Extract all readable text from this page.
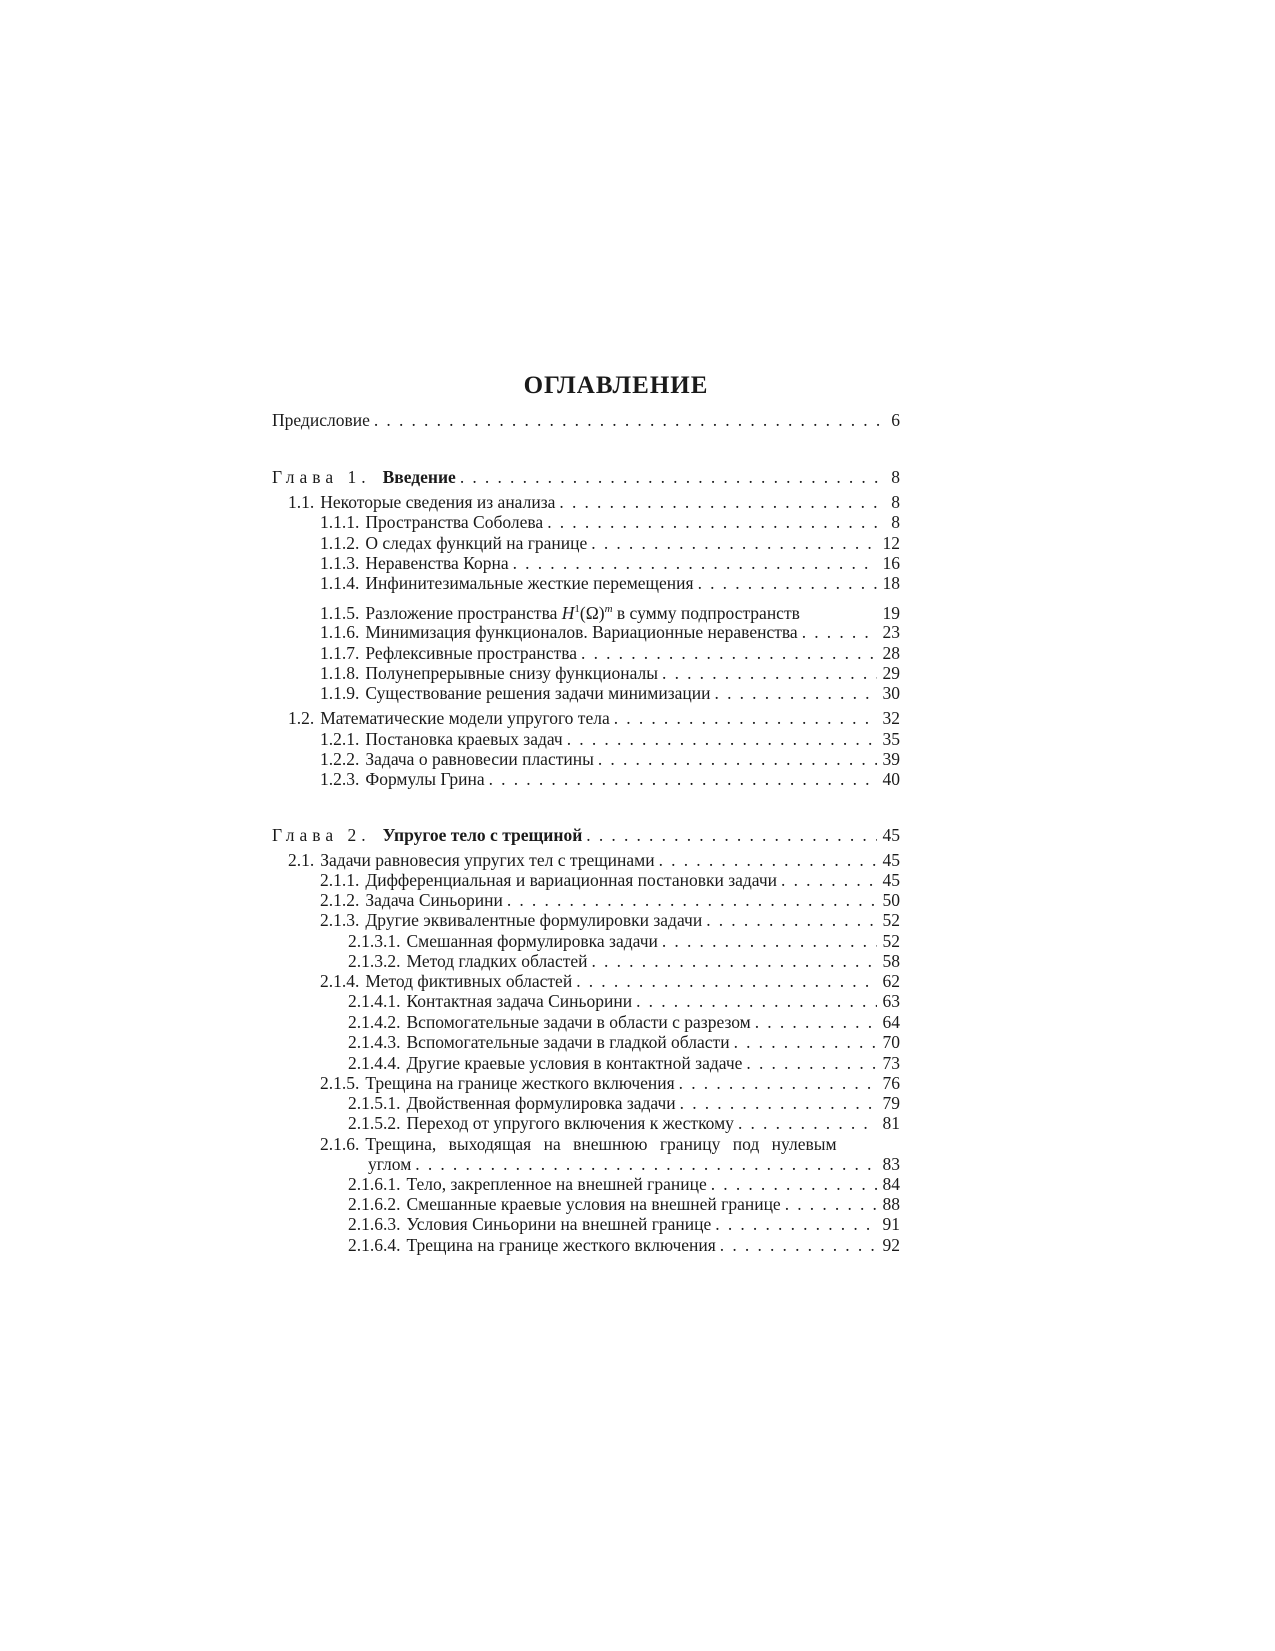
ОГЛАВЛЕНИЕ
Предисловие . . .	6
Глава 1. Введение . . .	8
1.1. Некоторые сведения из анализа . . .	8
1.1.1. Пространства Соболева . . .	8
1.1.2. О следах функций на границе . . .	12
1.1.3. Неравенства Корна . . .	16
1.1.4. Инфинитезимальные жесткие перемещения . . .	18
1.1.5. Разложение пространства $H^1(\Omega)^m$ в сумму подпространств	19
1.1.6. Минимизация функционалов. Вариационные неравенства . . .	23
1.1.7. Рефлексивные пространства . . .	28
1.1.8. Полунепрерывные снизу функционалы . . .	29
1.1.9. Существование решения задачи минимизации . . .	30
1.2. Математические модели упругого тела . . .	32
1.2.1. Постановка краевых задач . . .	35
1.2.2. Задача о равновесии пластины . . .	39
1.2.3. Формулы Грина . . .	40
Глава 2. Упругое тело с трещиной . . .	45
2.1. Задачи равновесия упругих тел с трещинами . . .	45
2.1.1. Дифференциальная и вариационная постановки задачи . . .	45
2.1.2. Задача Синьорини . . .	50
2.1.3. Другие эквивалентные формулировки задачи . . .	52
2.1.3.1. Смешанная формулировка задачи . . .	52
2.1.3.2. Метод гладких областей . . .	58
2.1.4. Метод фиктивных областей . . .	62
2.1.4.1. Контактная задача Синьорини . . .	63
2.1.4.2. Вспомогательные задачи в области с разрезом . . .	64
2.1.4.3. Вспомогательные задачи в гладкой области . . .	70
2.1.4.4. Другие краевые условия в контактной задаче . . .	73
2.1.5. Трещина на границе жесткого включения . . .	76
2.1.5.1. Двойственная формулировка задачи . . .	79
2.1.5.2. Переход от упругого включения к жесткому . . .	81
2.1.6. Трещина, выходящая на внешнюю границу под нулевым
углом . . .	83
2.1.6.1. Тело, закрепленное на внешней границе . . .	84
2.1.6.2. Смешанные краевые условия на внешней границе . . .	88
2.1.6.3. Условия Синьорини на внешней границе . . .	91
2.1.6.4. Трещина на границе жесткого включения . . .	92
